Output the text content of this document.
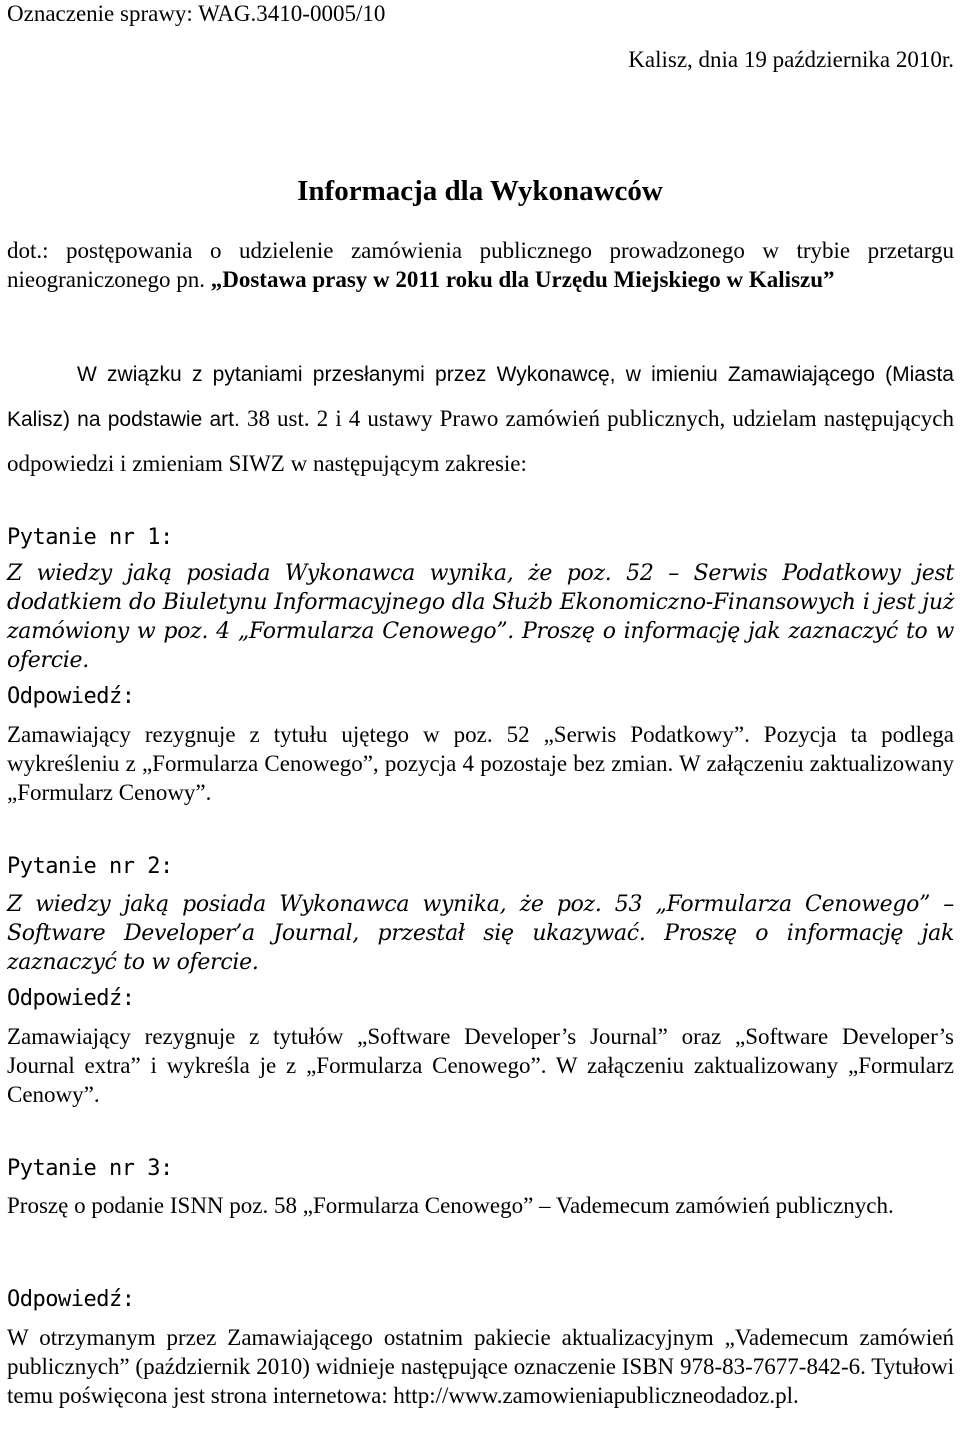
Oznaczenie sprawy: WAG.3410-0005/10
Kalisz, dnia 19 października 2010r.
Informacja dla Wykonawców
dot.: postępowania o udzielenie zamówienia publicznego prowadzonego w trybie przetargu nieograniczonego pn. „Dostawa prasy w 2011 roku dla Urzędu Miejskiego w Kaliszu”
W związku z pytaniami przesłanymi przez Wykonawcę, w imieniu Zamawiającego (Miasta Kalisz) na podstawie art. 38 ust. 2 i 4 ustawy Prawo zamówień publicznych, udzielam następujących odpowiedzi i zmieniam SIWZ w następującym zakresie:
Pytanie nr 1:
Z wiedzy jaką posiada Wykonawca wynika, że poz. 52 – Serwis Podatkowy jest dodatkiem do Biuletynu Informacyjnego dla Służb Ekonomiczno-Finansowych i jest już zamówiony w poz. 4 „Formularza Cenowego”. Proszę o informację jak zaznaczyć to w ofercie.
Odpowiedź:
Zamawiający rezygnuje z tytułu ujętego w poz. 52 „Serwis Podatkowy”. Pozycja ta podlega wykreśleniu z „Formularza Cenowego”, pozycja 4 pozostaje bez zmian. W załączeniu zaktualizowany „Formularz Cenowy”.
Pytanie nr 2:
Z wiedzy jaką posiada Wykonawca wynika, że poz. 53 „Formularza Cenowego” – Software Developer’a Journal, przestał się ukazywać. Proszę o informację jak zaznaczyć to w ofercie.
Odpowiedź:
Zamawiający rezygnuje z tytułów „Software Developer’s Journal” oraz „Software Developer’s Journal extra” i wykreśla je z „Formularza Cenowego”. W załączeniu zaktualizowany „Formularz Cenowy”.
Pytanie nr 3:
Proszę o podanie ISNN poz. 58 „Formularza Cenowego” – Vademecum zamówień publicznych.
Odpowiedź:
W otrzymanym przez Zamawiającego ostatnim pakiecie aktualizacyjnym „Vademecum zamówień publicznych” (październik 2010) widnieje następujące oznaczenie ISBN 978-83-7677-842-6. Tytułowi temu poświęcona jest strona internetowa: http://www.zamowieniapubliczneodadoz.pl.
